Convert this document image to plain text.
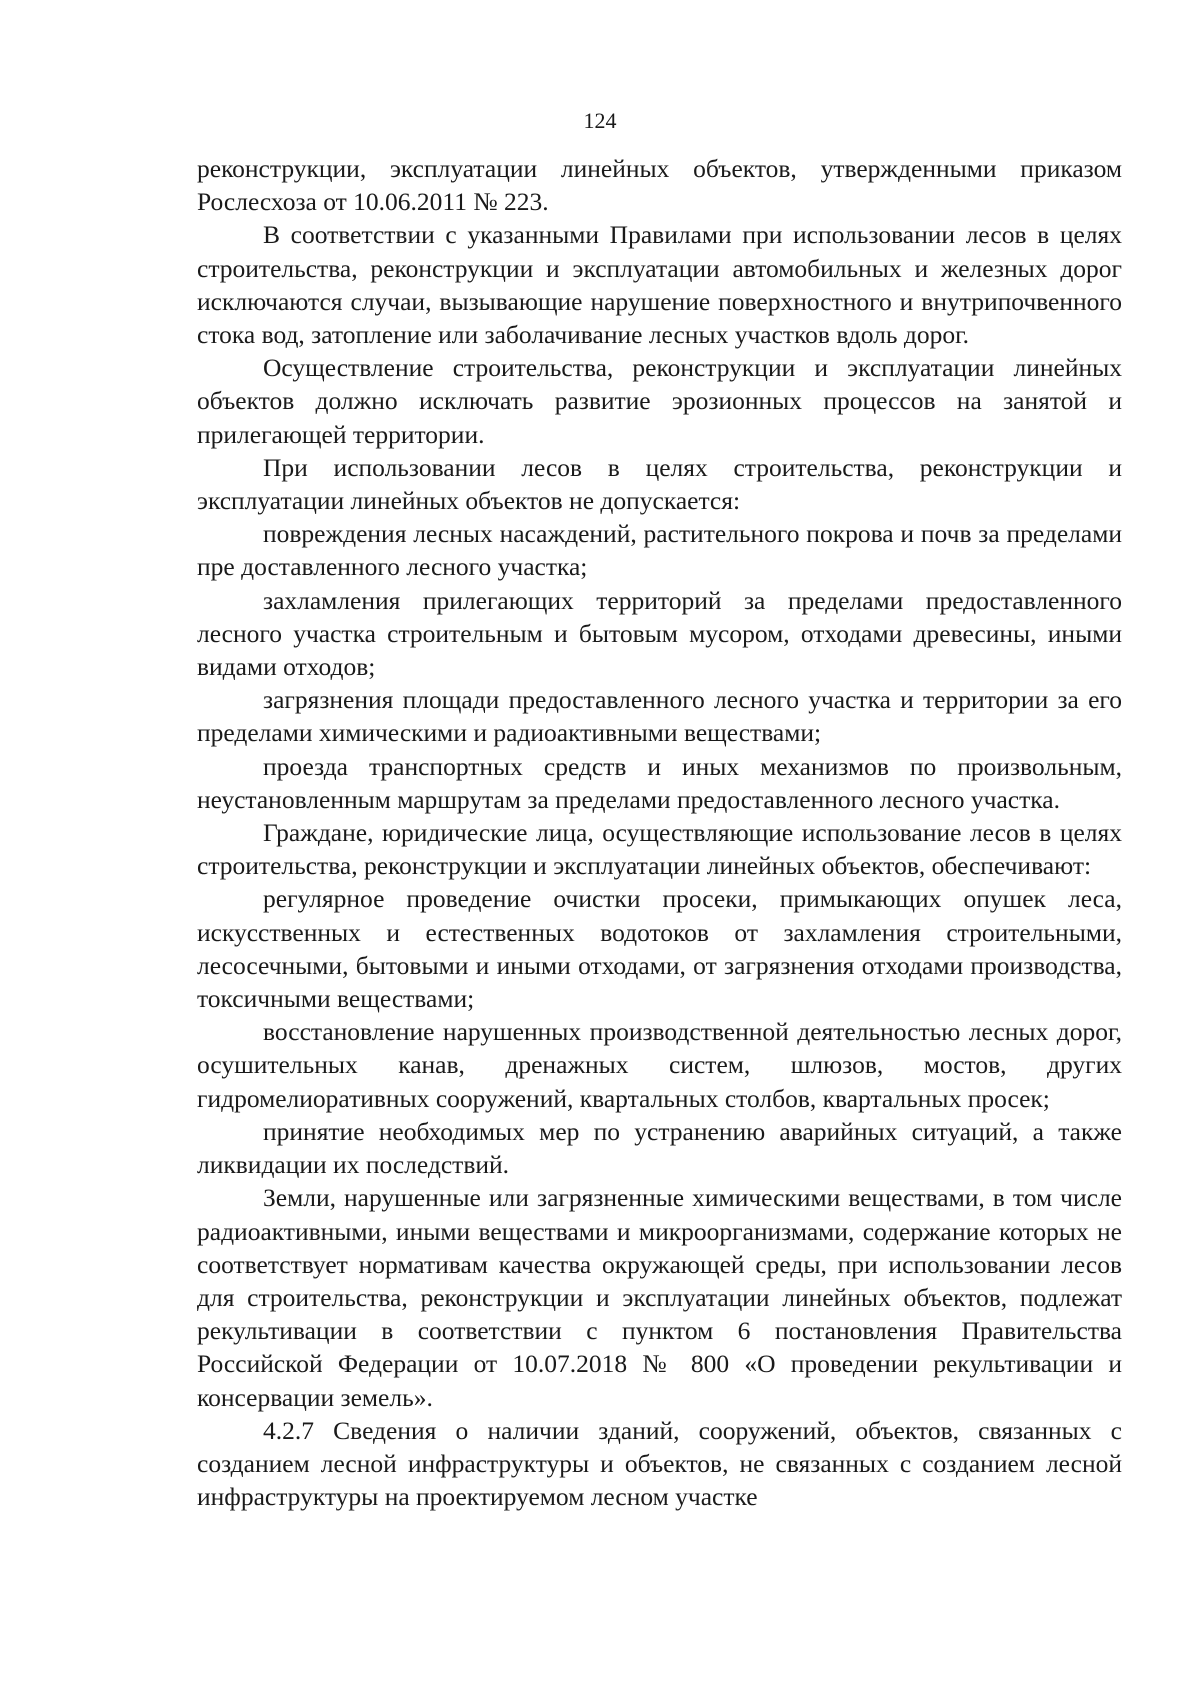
124

реконструкции, эксплуатации линейных объектов, утвержденными приказом Рослесхоза от 10.06.2011 № 223.

В соответствии с указанными Правилами при использовании лесов в целях строительства, реконструкции и эксплуатации автомобильных и железных дорог исключаются случаи, вызывающие нарушение поверхностного и внутрипочвенного стока вод, затопление или заболачивание лесных участков вдоль дорог.

Осуществление строительства, реконструкции и эксплуатации линейных объектов должно исключать развитие эрозионных процессов на занятой и прилегающей территории.

При использовании лесов в целях строительства, реконструкции и эксплуатации линейных объектов не допускается:

повреждения лесных насаждений, растительного покрова и почв за пределами пре доставленного лесного участка;

захламления прилегающих территорий за пределами предоставленного лесного участка строительным и бытовым мусором, отходами древесины, иными видами отходов;

загрязнения площади предоставленного лесного участка и территории за его пределами химическими и радиоактивными веществами;

проезда транспортных средств и иных механизмов по произвольным, неустановленным маршрутам за пределами предоставленного лесного участка.

Граждане, юридические лица, осуществляющие использование лесов в целях строительства, реконструкции и эксплуатации линейных объектов, обеспечивают:

регулярное проведение очистки просеки, примыкающих опушек леса, искусственных и естественных водотоков от захламления строительными, лесосечными, бытовыми и иными отходами, от загрязнения отходами производства, токсичными веществами;

восстановление нарушенных производственной деятельностью лесных дорог, осушительных канав, дренажных систем, шлюзов, мостов, других гидромелиоративных сооружений, квартальных столбов, квартальных просек;

принятие необходимых мер по устранению аварийных ситуаций, а также ликвидации их последствий.

Земли, нарушенные или загрязненные химическими веществами, в том числе радиоактивными, иными веществами и микроорганизмами, содержание которых не соответствует нормативам качества окружающей среды, при использовании лесов для строительства, реконструкции и эксплуатации линейных объектов, подлежат рекультивации в соответствии с пунктом 6 постановления Правительства Российской Федерации от 10.07.2018 № 800 «О проведении рекультивации и консервации земель».

4.2.7 Сведения о наличии зданий, сооружений, объектов, связанных с созданием лесной инфраструктуры и объектов, не связанных с созданием лесной инфраструктуры на проектируемом лесном участке
